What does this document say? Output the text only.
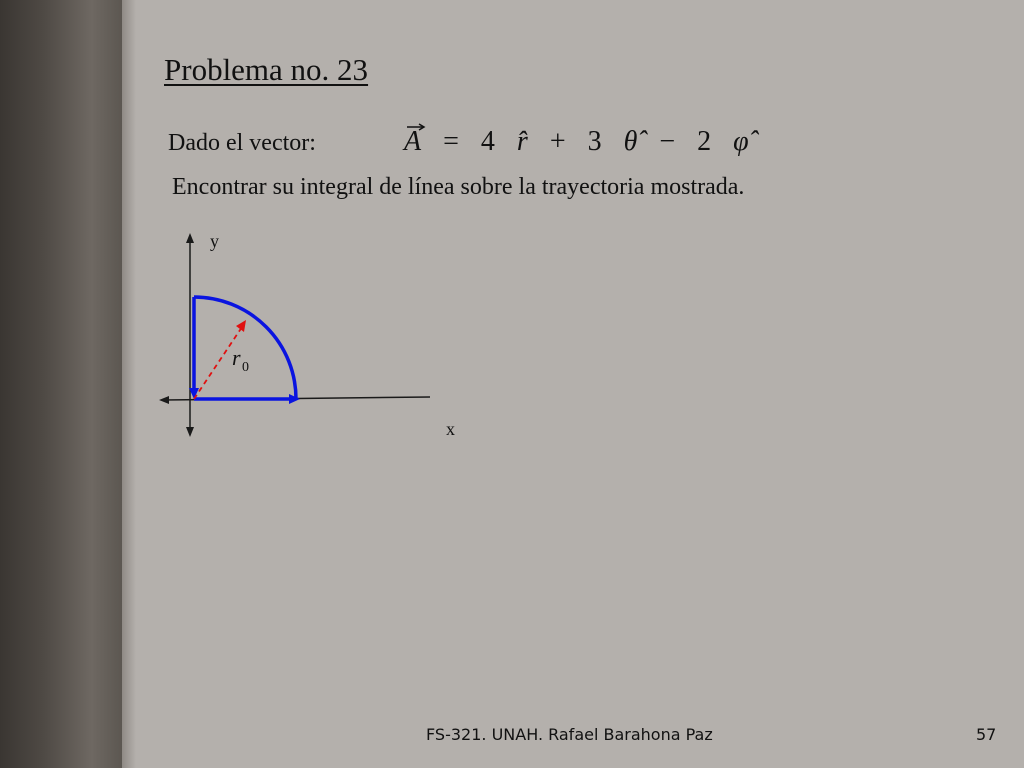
Problema no. 23
Dado el vector:	A = 4 r̂ + 3 θ̂ − 2 φ̂
Encontrar su integral de línea sobre la trayectoria mostrada.
y
x
r 0
FS-321. UNAH. Rafael Barahona Paz	57
